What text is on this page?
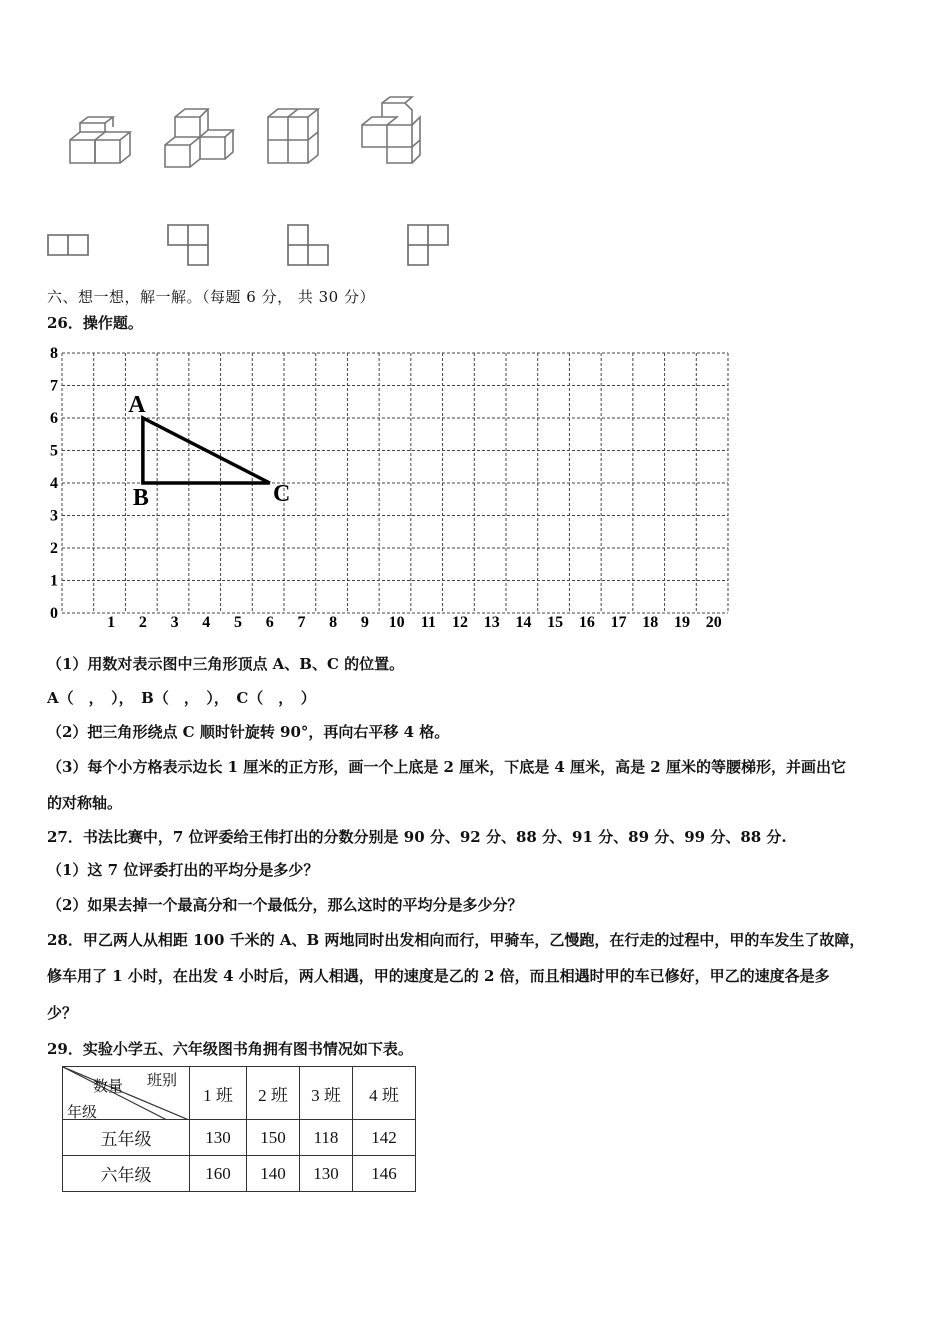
六、想一想，解一解。（每题 6 分， 共 30 分）
26．操作题。
0
1
2
3
4
5
6
7
8
1 2 3 4 5 6 7 8 9 10 11 12 13 14 15 16 17 18 19 20
A
B	C
（1）用数对表示图中三角形顶点 A、B、C 的位置。
A（　，　），　B（　，　），　C（　，　）
（2）把三角形绕点 C 顺时针旋转 90°，再向右平移 4 格。
（3）每个小方格表示边长 1 厘米的正方形，画一个上底是 2 厘米，下底是 4 厘米，高是 2 厘米的等腰梯形，并画出它
的对称轴。
27．书法比赛中，7 位评委给王伟打出的分数分别是 90 分、92 分、88 分、91 分、89 分、99 分、88 分.
（1）这 7 位评委打出的平均分是多少？
（2）如果去掉一个最高分和一个最低分，那么这时的平均分是多少分？
28．甲乙两人从相距 100 千米的 A、B 两地同时出发相向而行，甲骑车，乙慢跑，在行走的过程中，甲的车发生了故障，
修车用了 1 小时，在出发 4 小时后，两人相遇，甲的速度是乙的 2 倍，而且相遇时甲的车已修好，甲乙的速度各是多
少？
29．实验小学五、六年级图书角拥有图书情况如下表。
班别
数量
年级	1 班	2 班	3 班	4 班
五年级	130	150	118	142
六年级	160	140	130	146
